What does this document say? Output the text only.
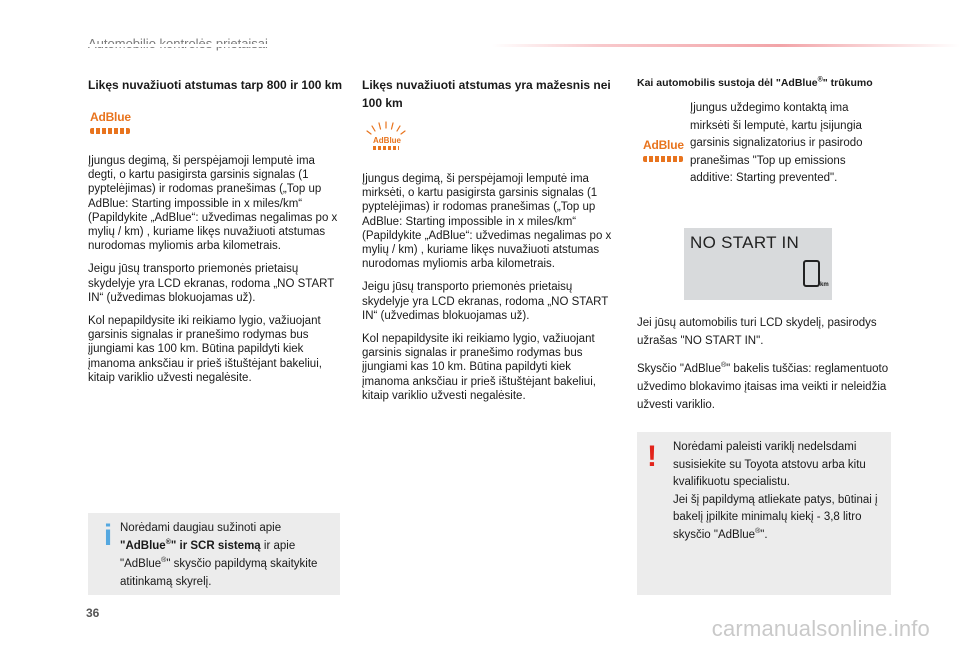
Likęs nuvažiuoti atstumas tarp 800 ir 100 km
AdBlue

Įjungus degimą, ši perspėjamoji lemputė ima degti, o kartu pasigirsta garsinis signalas (1 pyptelėjimas) ir rodomas pranešimas („Top up AdBlue: Starting impossible in x miles/km“ (Papildykite „AdBlue“: užvedimas negalimas po x mylių / km) , kuriame likęs nuvažiuoti atstumas nurodomas myliomis arba kilometrais.

Jeigu jūsų transporto priemonės prietaisų skydelyje yra LCD ekranas, rodoma „NO START IN“ (užvedimas blokuojamas už).

Kol nepapildysite iki reikiamo lygio, važiuojant garsinis signalas ir pranešimo rodymas bus įjungiami kas 100 km. Būtina papildyti kiek įmanoma anksčiau ir prieš ištuštėjant bakeliui, kitaip variklio užvesti negalėsite.

Likęs nuvažiuoti atstumas yra mažesnis nei 100 km
AdBlue

Įjungus degimą, ši perspėjamoji lemputė ima mirksėti, o kartu pasigirsta garsinis signalas (1 pyptelėjimas) ir rodomas pranešimas („Top up AdBlue: Starting impossible in x miles/km“ (Papildykite „AdBlue“: užvedimas negalimas po x mylių / km) , kuriame likęs nuvažiuoti atstumas nurodomas myliomis arba kilometrais.

Jeigu jūsų transporto priemonės prietaisų skydelyje yra LCD ekranas, rodoma „NO START IN“ (užvedimas blokuojamas už).

Kol nepapildysite iki reikiamo lygio, važiuojant garsinis signalas ir pranešimo rodymas bus įjungiami kas 10 km. Būtina papildyti kiek įmanoma anksčiau ir prieš ištuštėjant bakeliui, kitaip variklio užvesti negalėsite.

Kai automobilis sustoja dėl "AdBlue®" trūkumo
AdBlue
Įjungus uždegimo kontaktą ima mirksėti ši lemputė, kartu įsijungia garsinis signalizatorius ir pasirodo pranešimas "Top up emissions additive: Starting prevented".
NO START IN
km

Jei jūsų automobilis turi LCD skydelį, pasirodys užrašas "NO START IN".

Skysčio "AdBlue®" bakelis tuščias: reglamentuoto užvedimo blokavimo įtaisas ima veikti ir neleidžia užvesti variklio.

i Norėdami daugiau sužinoti apie
"AdBlue®" ir SCR sistemą ir apie
"AdBlue®" skysčio papildymą skaitykite atitinkamą skyrelį.
!	Norėdami paleisti variklį nedelsdami susisiekite su Toyota atstovu arba kitu kvalifikuotu specialistu.
Jei šį papildymą atliekate patys, būtinai į bakelį įpilkite minimalų kiekį - 3,8 litro skysčio "AdBlue®".
36
carmanualsonline.info
